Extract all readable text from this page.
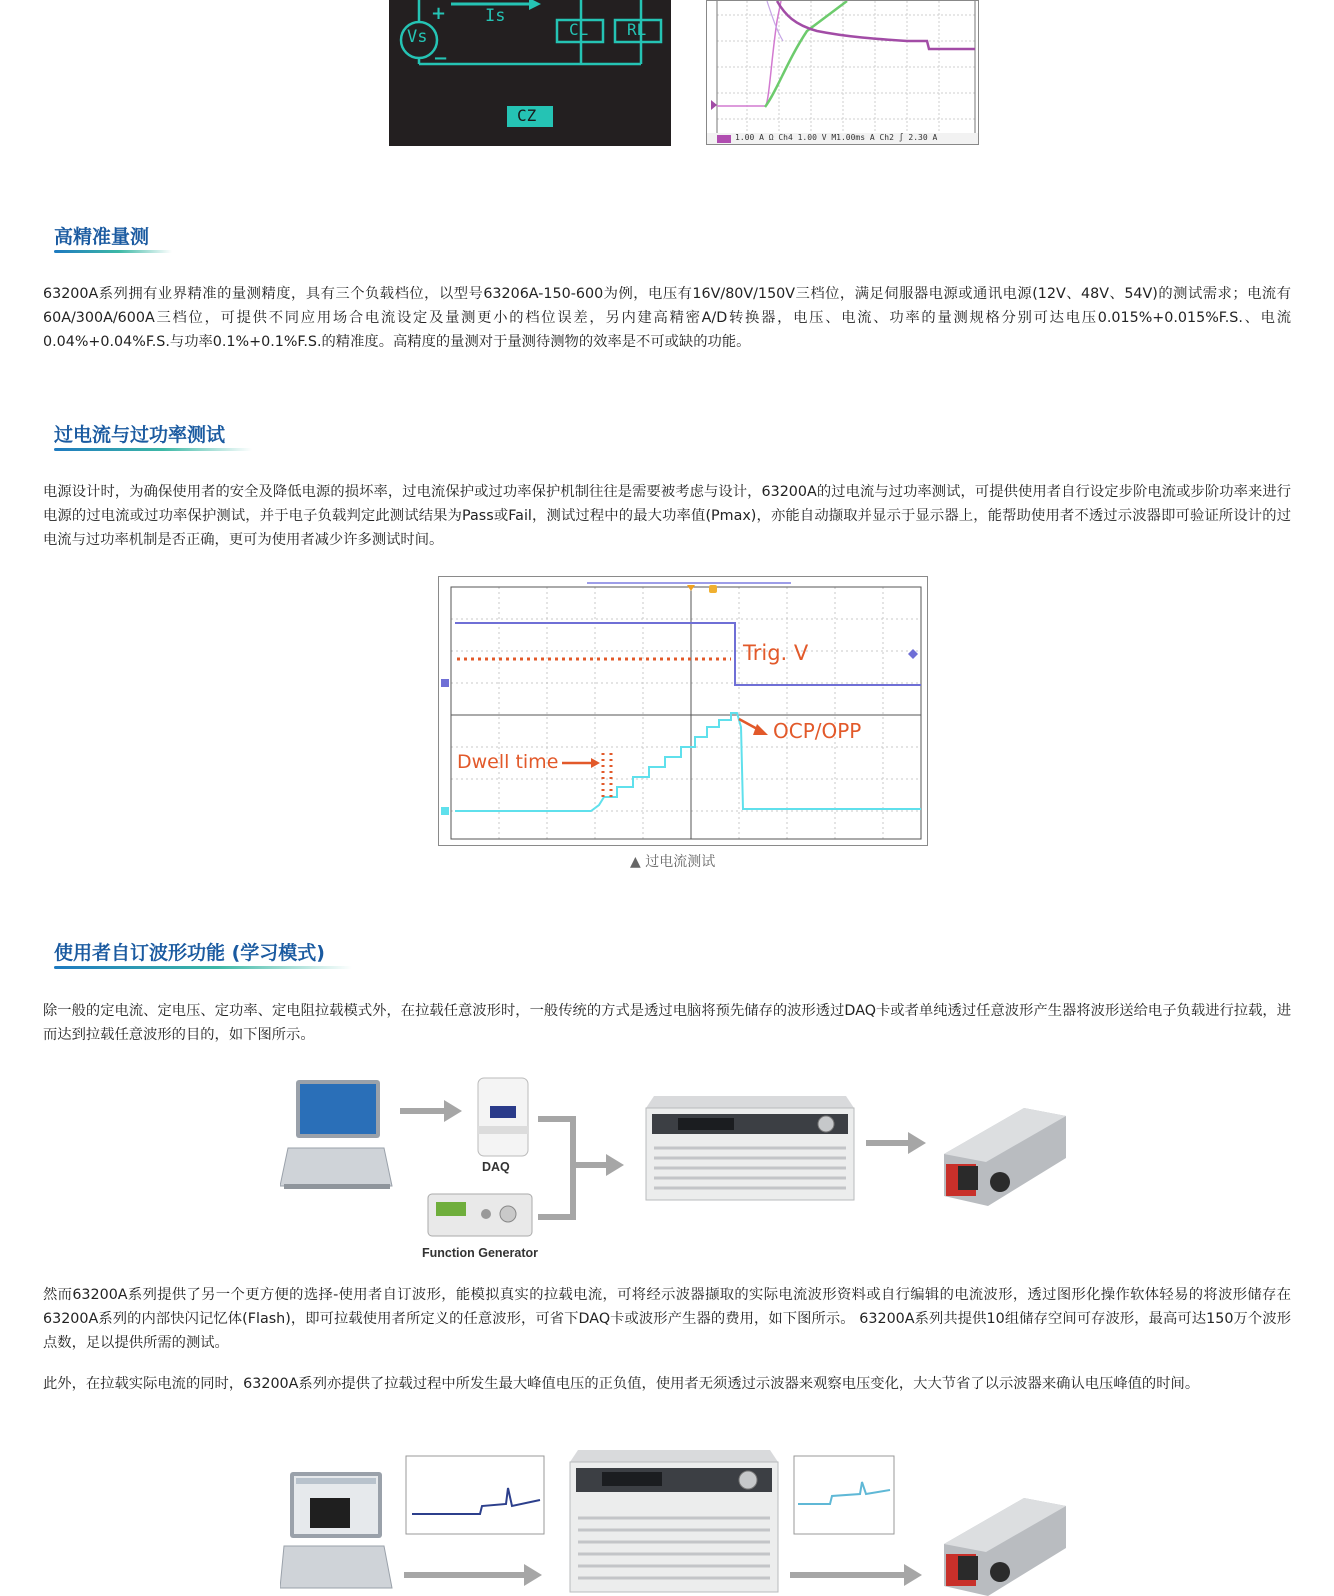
Vs
+
−
Is
CL RL
CZ
1.00 A Ω Ch4 1.00 V M1.00ms A Ch2 ∫ 2.30 A
高精准量测

63200A系列拥有业界精准的量测精度，具有三个负载档位，以型号63206A-150-600为例，电压有16V/80V/150V三档位，满足伺服器电源或通讯电源(12V、48V、54V)的测试需求；电流有60A/300A/600A三档位，可提供不同应用场合电流设定及量测更小的档位误差，另内建高精密A/D转换器，电压、电流、功率的量测规格分别可达电压0.015%+0.015%F.S.、电流 0.04%+0.04%F.S.与功率0.1%+0.1%F.S.的精准度。高精度的量测对于量测待测物的效率是不可或缺的功能。

过电流与过功率测试

电源设计时，为确保使用者的安全及降低电源的损坏率，过电流保护或过功率保护机制往往是需要被考虑与设计，63200A的过电流与过功率测试，可提供使用者自行设定步阶电流或步阶功率来进行电源的过电流或过功率保护测试，并于电子负载判定此测试结果为Pass或Fail，测试过程中的最大功率值(Pmax)，亦能自动撷取并显示于显示器上，能帮助使用者不透过示波器即可验证所设计的过电流与过功率机制是否正确，更可为使用者减少许多测试时间。

Trig. V
OCP/OPP
Dwell time
▲ 过电流测试
使用者自订波形功能 (学习模式)

除一般的定电流、定电压、定功率、定电阻拉载模式外，在拉载任意波形时，一般传统的方式是透过电脑将预先储存的波形透过DAQ卡或者单纯透过任意波形产生器将波形送给电子负载进行拉载，进而达到拉载任意波形的目的，如下图所示。

DAQ
Function Generator

然而63200A系列提供了另一个更方便的选择-使用者自订波形，能模拟真实的拉载电流，可将经示波器撷取的实际电流波形资料或自行编辑的电流波形，透过图形化操作软体轻易的将波形储存在63200A系列的内部快闪记忆体(Flash)，即可拉载使用者所定义的任意波形，可省下DAQ卡或波形产生器的费用，如下图所示。 63200A系列共提供10组储存空间可存波形，最高可达150万个波形点数，足以提供所需的测试。

此外，在拉载实际电流的同时，63200A系列亦提供了拉载过程中所发生最大峰值电压的正负值，使用者无须透过示波器来观察电压变化，大大节省了以示波器来确认电压峰值的时间。
